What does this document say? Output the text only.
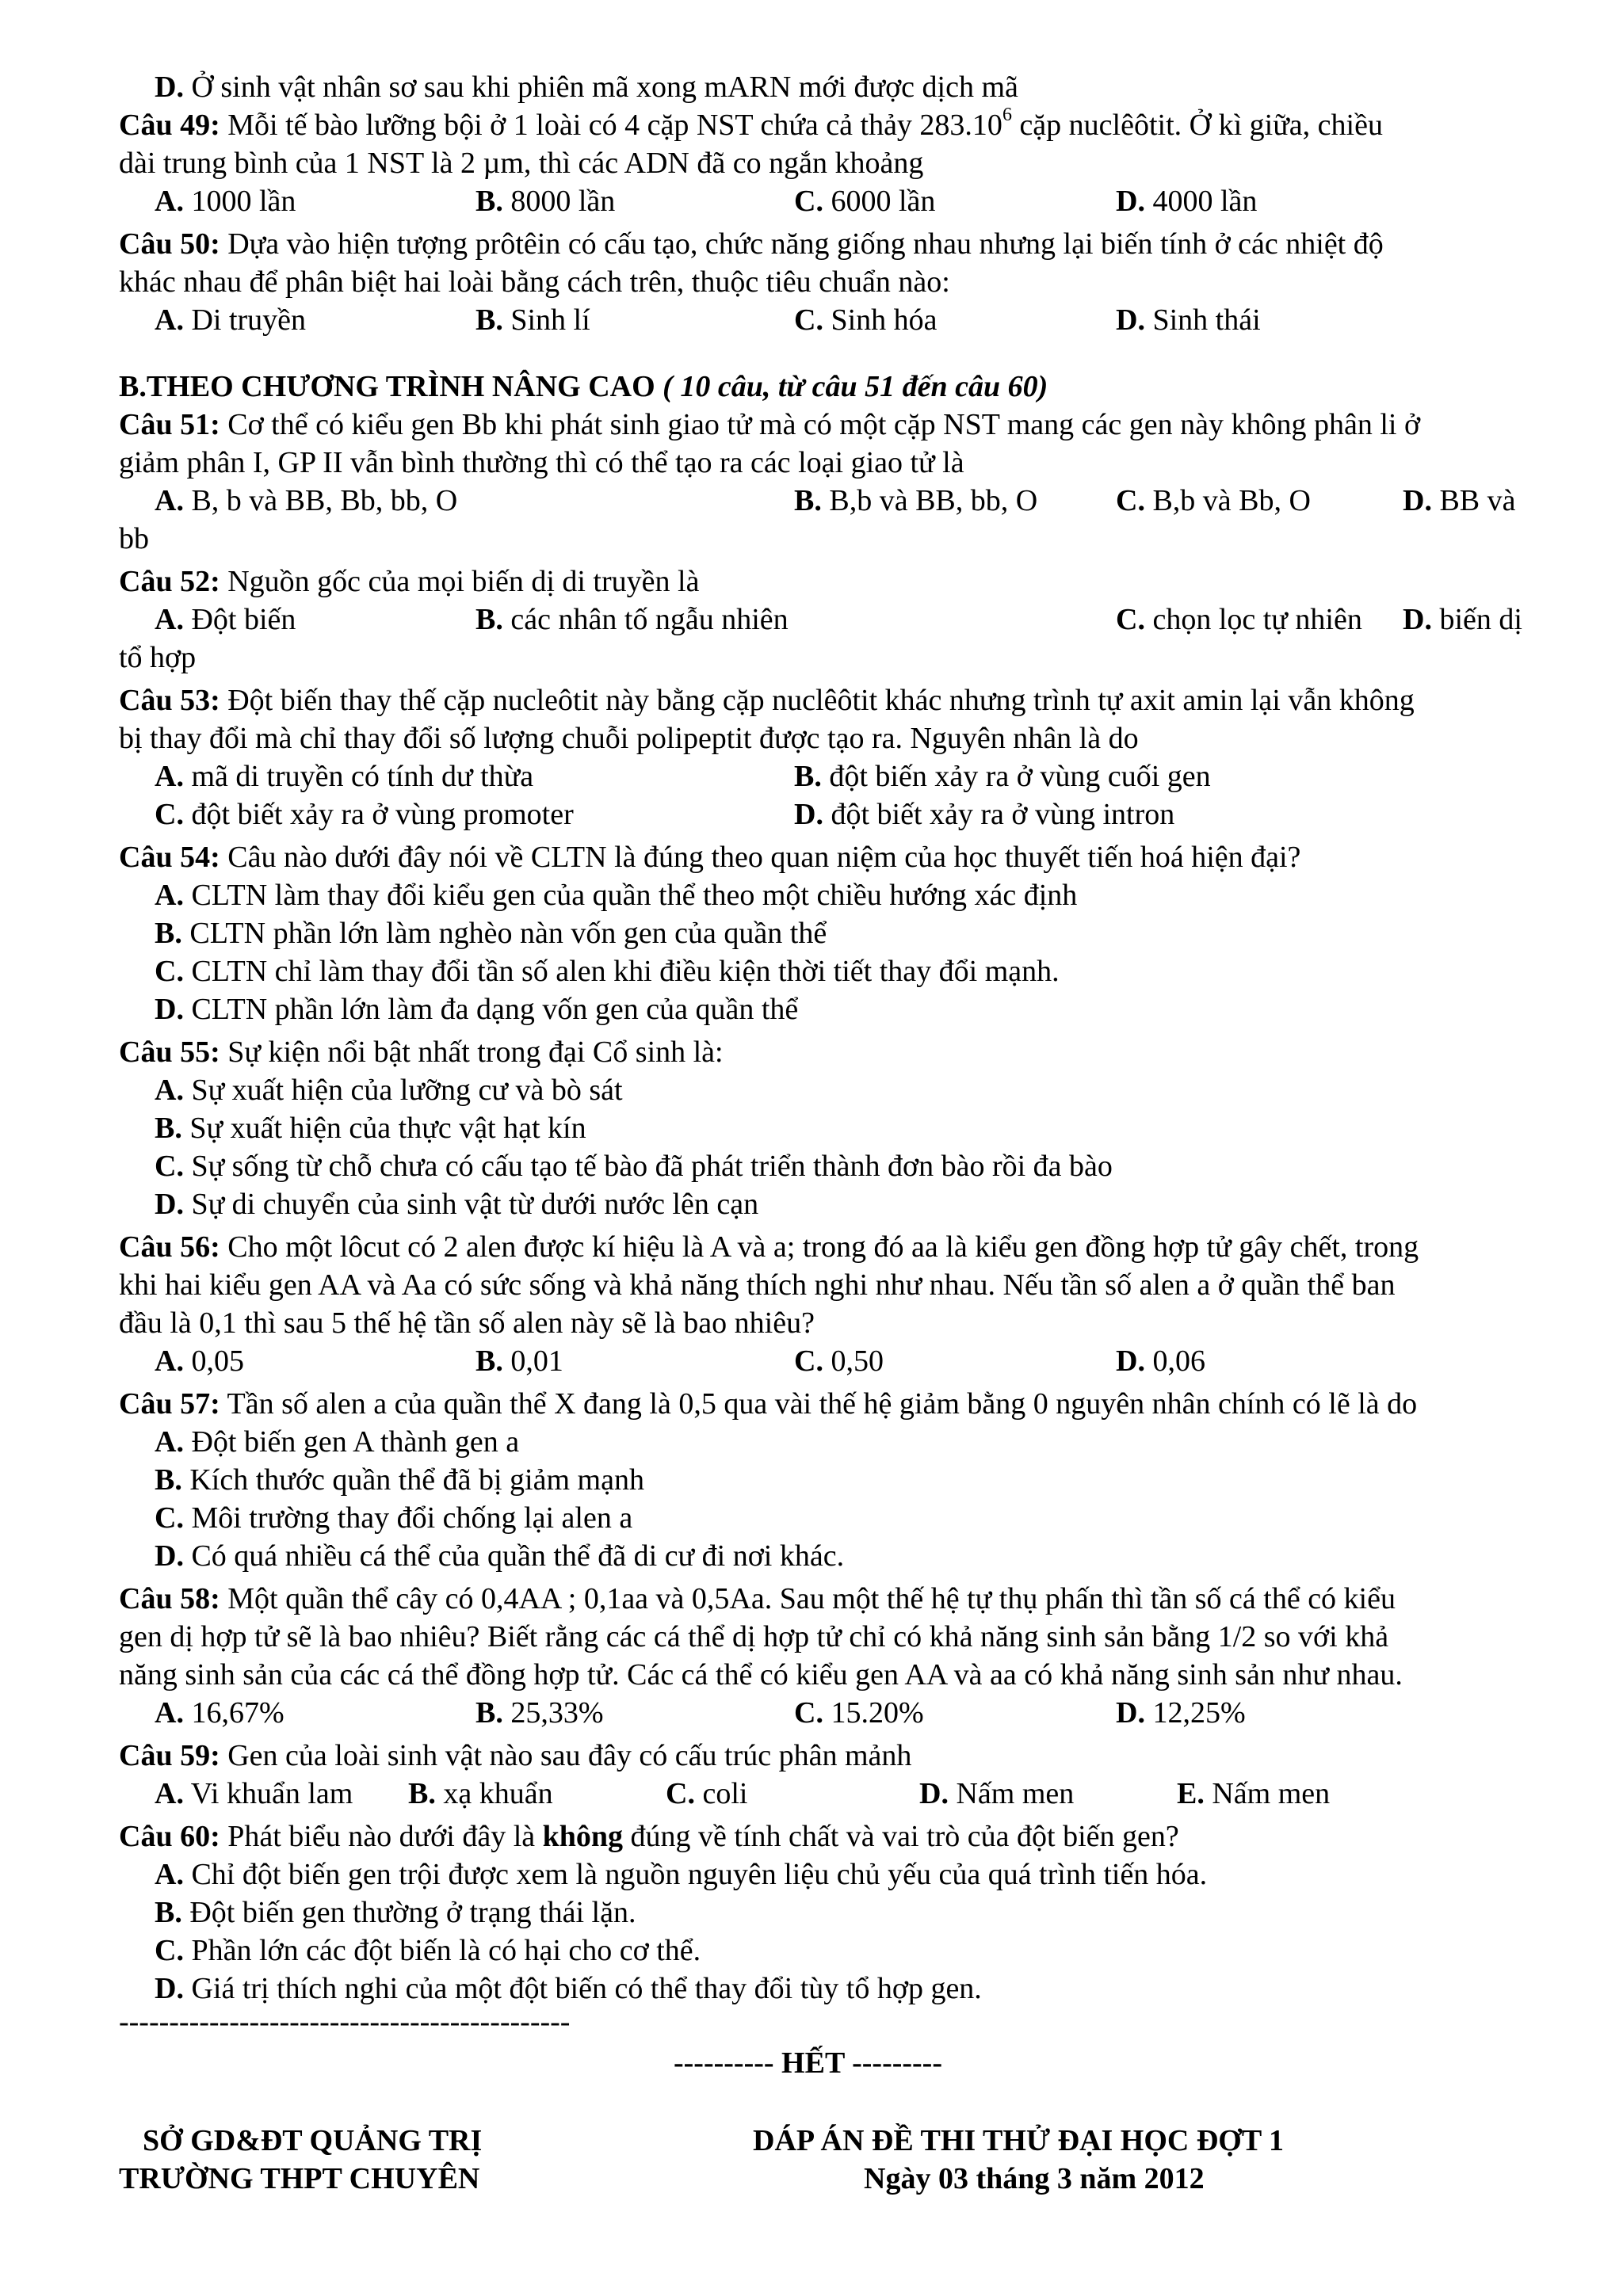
D. Ở sinh vật nhân sơ sau khi phiên mã xong mARN mới được dịch mã
Câu 49: Mỗi tế bào lưỡng bội ở 1 loài có 4 cặp NST chứa cả thảy 283.10$^6$ cặp nuclêôtit. Ở kì giữa, chiều
dài trung bình của 1 NST là 2 µm, thì các ADN đã co ngắn khoảng
A. 1000 lần	B. 8000 lần	C. 6000 lần	D. 4000 lần
Câu 50: Dựa vào hiện tượng prôtêin có cấu tạo, chức năng giống nhau nhưng lại biến tính ở các nhiệt độ
khác nhau để phân biệt hai loài bằng cách trên, thuộc tiêu chuẩn nào:
A. Di truyền	B. Sinh lí	C. Sinh hóa	D. Sinh thái
B.THEO CHƯƠNG TRÌNH NÂNG CAO ( 10 câu, từ câu 51 đến câu 60)
Câu 51: Cơ thể có kiểu gen Bb khi phát sinh giao tử mà có một cặp NST mang các gen này không phân li ở
giảm phân I, GP II vẫn bình thường thì có thể tạo ra các loại giao tử là
A. B, b và BB, Bb, bb, O	B. B,b và BB, bb, O	C. B,b và Bb, O	D. BB và
bb
Câu 52: Nguồn gốc của mọi biến dị di truyền là
A. Đột biến	B. các nhân tố ngẫu nhiên	C. chọn lọc tự nhiên D. biến dị
tổ hợp
Câu 53: Đột biến thay thế cặp nucleôtit này bằng cặp nuclêôtit khác nhưng trình tự axit amin lại vẫn không
bị thay đổi mà chỉ thay đổi số lượng chuỗi polipeptit được tạo ra. Nguyên nhân là do
A. mã di truyền có tính dư thừa	B. đột biến xảy ra ở vùng cuối gen
C. đột biết xảy ra ở vùng promoter	D. đột biết xảy ra ở vùng intron
Câu 54: Câu nào dưới đây nói về CLTN là đúng theo quan niệm của học thuyết tiến hoá hiện đại?
A. CLTN làm thay đổi kiểu gen của quần thể theo một chiều hướng xác định
B. CLTN phần lớn làm nghèo nàn vốn gen của quần thể
C. CLTN chỉ làm thay đổi tần số alen khi điều kiện thời tiết thay đổi mạnh.
D. CLTN phần lớn làm đa dạng vốn gen của quần thể
Câu 55: Sự kiện nổi bật nhất trong đại Cổ sinh là:
A. Sự xuất hiện của lưỡng cư và bò sát
B. Sự xuất hiện của thực vật hạt kín
C. Sự sống từ chỗ chưa có cấu tạo tế bào đã phát triển thành đơn bào rồi đa bào
D. Sự di chuyển của sinh vật từ dưới nước lên cạn
Câu 56: Cho một lôcut có 2 alen được kí hiệu là A và a; trong đó aa là kiểu gen đồng hợp tử gây chết, trong
khi hai kiểu gen AA và Aa có sức sống và khả năng thích nghi như nhau. Nếu tần số alen a ở quần thể ban
đầu là 0,1 thì sau 5 thế hệ tần số alen này sẽ là bao nhiêu?
A. 0,05	B. 0,01	C. 0,50	D. 0,06
Câu 57: Tần số alen a của quần thể X đang là 0,5 qua vài thế hệ giảm bằng 0 nguyên nhân chính có lẽ là do
A. Đột biến gen A thành gen a
B. Kích thước quần thể đã bị giảm mạnh
C. Môi trường thay đổi chống lại alen a
D. Có quá nhiều cá thể của quần thể đã di cư đi nơi khác.
Câu 58: Một quần thể cây có 0,4AA ; 0,1aa và 0,5Aa. Sau một thế hệ tự thụ phấn thì tần số cá thể có kiểu
gen dị hợp tử sẽ là bao nhiêu? Biết rằng các cá thể dị hợp tử chỉ có khả năng sinh sản bằng 1/2 so với khả
năng sinh sản của các cá thể đồng hợp tử. Các cá thể có kiểu gen AA và aa có khả năng sinh sản như nhau.
A. 16,67%	B. 25,33%	C. 15.20%	D. 12,25%
Câu 59: Gen của loài sinh vật nào sau đây có cấu trúc phân mảnh
A. Vi khuẩn lam B. xạ khuẩn	C. coli	D. Nấm men	E. Nấm men
Câu 60: Phát biểu nào dưới đây là không đúng về tính chất và vai trò của đột biến gen?
A. Chỉ đột biến gen trội được xem là nguồn nguyên liệu chủ yếu của quá trình tiến hóa.
B. Đột biến gen thường ở trạng thái lặn.
C. Phần lớn các đột biến là có hại cho cơ thể.
D. Giá trị thích nghi của một đột biến có thể thay đổi tùy tổ hợp gen.
---------------------------------------------
---------- HẾT ---------
SỞ GD&ĐT QUẢNG TRỊ	DÁP ÁN ĐỀ THI THỬ ĐẠI HỌC ĐỢT 1
TRƯỜNG THPT CHUYÊN	Ngày 03 tháng 3 năm 2012
